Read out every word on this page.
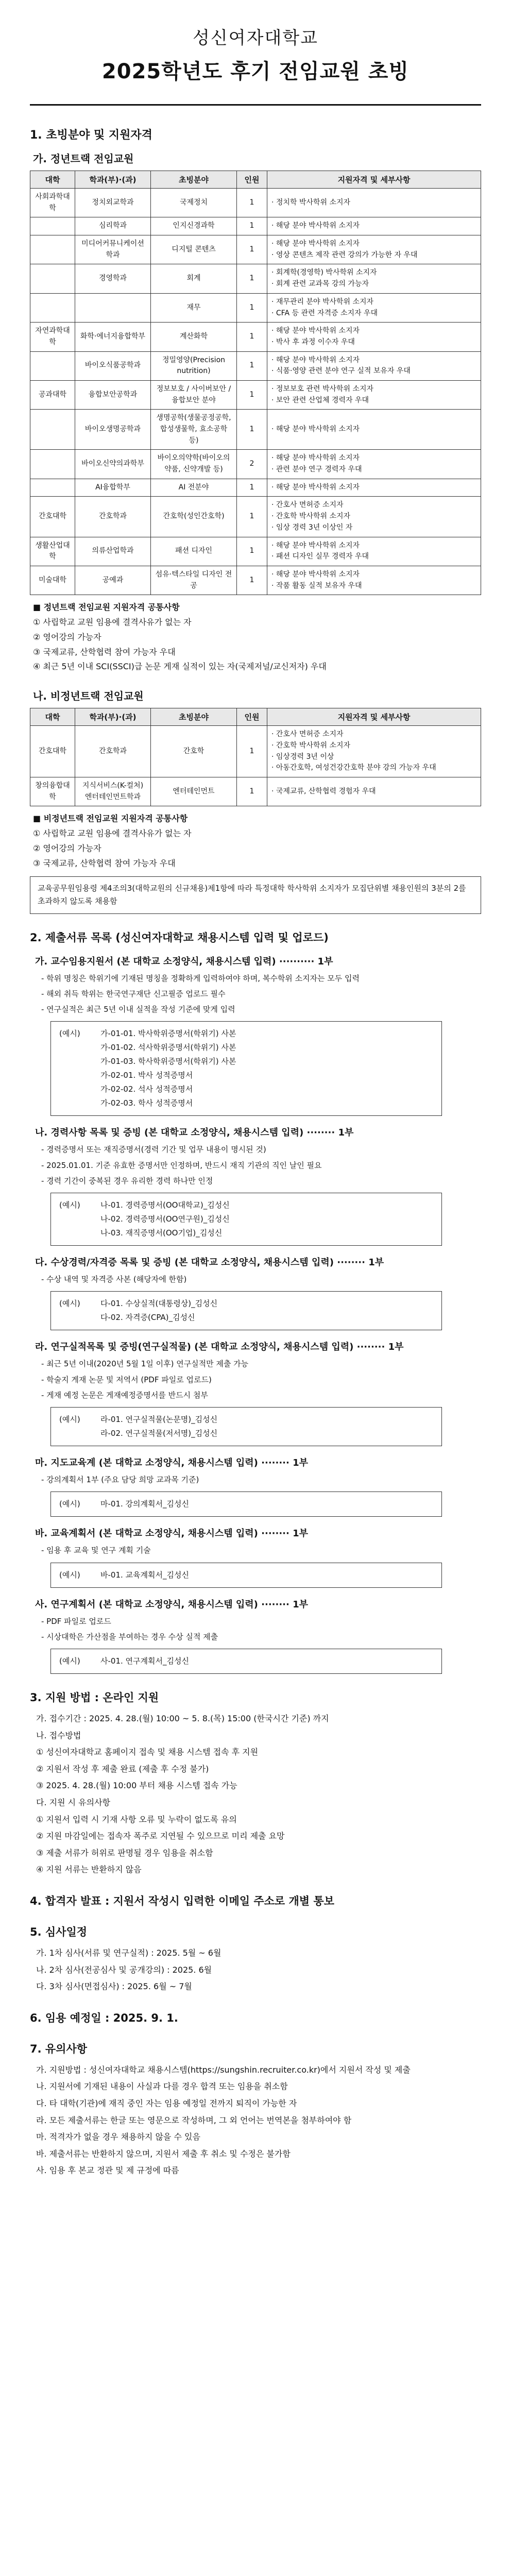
성신여자대학교
2025학년도 후기 전임교원 초빙
1. 초빙분야 및 지원자격
가. 정년트랙 전임교원
대학	학과(부)·(과)	초빙분야	인원	지원자격 및 세부사항
사회과학대학	정치외교학과	국제정치	1	· 정치학 박사학위 소지자
	심리학과	인지신경과학	1	· 해당 분야 박사학위 소지자
	미디어커뮤니케이션학과	디지털 콘텐츠	1	· 해당 분야 박사학위 소지자
· 영상 콘텐츠 제작 관련 강의가 가능한 자 우대
	경영학과	회계	1	· 회계학(경영학) 박사학위 소지자
· 회계 관련 교과목 강의 가능자
		재무	1	· 재무관리 분야 박사학위 소지자
· CFA 등 관련 자격증 소지자 우대
자연과학대학	화학·에너지융합학부	계산화학	1	· 해당 분야 박사학위 소지자
· 박사 후 과정 이수자 우대
	바이오식품공학과	정밀영양(Precision nutrition)	1	· 해당 분야 박사학위 소지자
· 식품·영양 관련 분야 연구 실적 보유자 우대
공과대학	융합보안공학과	정보보호 / 사이버보안 / 융합보안 분야	1	· 정보보호 관련 박사학위 소지자
· 보안 관련 산업체 경력자 우대
	바이오생명공학과	생명공학(생물공정공학, 합성생물학, 효소공학 등)	1	· 해당 분야 박사학위 소지자
	바이오신약의과학부	바이오의약학(바이오의약품, 신약개발 등)	2	· 해당 분야 박사학위 소지자
· 관련 분야 연구 경력자 우대
	AI융합학부	AI 전분야	1	· 해당 분야 박사학위 소지자
간호대학	간호학과	간호학(성인간호학)	1	· 간호사 면허증 소지자
· 간호학 박사학위 소지자
· 임상 경력 3년 이상인 자
생활산업대학	의류산업학과	패션 디자인	1	· 해당 분야 박사학위 소지자
· 패션 디자인 실무 경력자 우대
미술대학	공예과	섬유·텍스타일 디자인 전공	1	· 해당 분야 박사학위 소지자
· 작품 활동 실적 보유자 우대
■ 정년트랙 전임교원 지원자격 공통사항
① 사립학교 교원 임용에 결격사유가 없는 자
② 영어강의 가능자
③ 국제교류, 산학협력 참여 가능자 우대
④ 최근 5년 이내 SCI(SSCI)급 논문 게재 실적이 있는 자(국제저널/교신저자) 우대
나. 비정년트랙 전임교원
대학	학과(부)·(과)	초빙분야	인원	지원자격 및 세부사항
간호대학	간호학과	간호학	1	· 간호사 면허증 소지자
· 간호학 박사학위 소지자
· 임상경력 3년 이상
· 아동간호학, 여성건강간호학 분야 강의 가능자 우대
창의융합대학	지식서비스(K-컬처)엔터테인먼트학과	엔터테인먼트	1	· 국제교류, 산학협력 경험자 우대
■ 비정년트랙 전임교원 지원자격 공통사항
① 사립학교 교원 임용에 결격사유가 없는 자
② 영어강의 가능자
③ 국제교류, 산학협력 참여 가능자 우대
교육공무원임용령 제4조의3(대학교원의 신규채용)제1항에 따라 특정대학 학사학위 소지자가 모집단위별 채용인원의 3분의 2를 초과하지 않도록 채용함
2. 제출서류 목록 (성신여자대학교 채용시스템 입력 및 업로드)
가. 교수임용지원서 (본 대학교 소정양식, 채용시스템 입력) ·········· 1부
- 학위 명칭은 학위기에 기재된 명칭을 정확하게 입력하여야 하며, 복수학위 소지자는 모두 입력
- 해외 취득 학위는 한국연구재단 신고필증 업로드 필수
- 연구실적은 최근 5년 이내 실적을 작성 기준에 맞게 입력
(예시)	가-01-01. 박사학위증명서(학위기) 사본
가-01-02. 석사학위증명서(학위기) 사본
가-01-03. 학사학위증명서(학위기) 사본
가-02-01. 박사 성적증명서
가-02-02. 석사 성적증명서
가-02-03. 학사 성적증명서
나. 경력사항 목록 및 증빙 (본 대학교 소정양식, 채용시스템 입력) ········ 1부
- 경력증명서 또는 재직증명서(경력 기간 및 업무 내용이 명시된 것)
- 2025.01.01. 기준 유효한 증명서만 인정하며, 반드시 재직 기관의 직인 날인 필요
- 경력 기간이 중복된 경우 유리한 경력 하나만 인정
(예시)	나-01. 경력증명서(OO대학교)_김성신
나-02. 경력증명서(OO연구원)_김성신
나-03. 재직증명서(OO기업)_김성신
다. 수상경력/자격증 목록 및 증빙 (본 대학교 소정양식, 채용시스템 입력) ········ 1부
- 수상 내역 및 자격증 사본 (해당자에 한함)
(예시)	다-01. 수상실적(대통령상)_김성신
다-02. 자격증(CPA)_김성신
라. 연구실적목록 및 증빙(연구실적물) (본 대학교 소정양식, 채용시스템 입력) ········ 1부
- 최근 5년 이내(2020년 5월 1일 이후) 연구실적만 제출 가능
- 학술지 게재 논문 및 저역서 (PDF 파일로 업로드)
- 게재 예정 논문은 게재예정증명서를 반드시 첨부
(예시)	라-01. 연구실적물(논문명)_김성신
라-02. 연구실적물(저서명)_김성신
마. 지도교육계 (본 대학교 소정양식, 채용시스템 입력) ········ 1부
- 강의계획서 1부 (주요 담당 희망 교과목 기준)
(예시)	마-01. 강의계획서_김성신
바. 교육계획서 (본 대학교 소정양식, 채용시스템 입력) ········ 1부
- 임용 후 교육 및 연구 계획 기술
(예시)	바-01. 교육계획서_김성신
사. 연구계획서 (본 대학교 소정양식, 채용시스템 입력) ········ 1부
- PDF 파일로 업로드
- 시상대학은 가산점을 부여하는 경우 수상 실적 제출
(예시)	사-01. 연구계획서_김성신
3. 지원 방법 : 온라인 지원
가. 접수기간 : 2025. 4. 28.(월) 10:00 ~ 5. 8.(목) 15:00 (한국시간 기준) 까지
나. 접수방법
① 성신여자대학교 홈페이지 접속 및 채용 시스템 접속 후 지원
② 지원서 작성 후 제출 완료 (제출 후 수정 불가)
③ 2025. 4. 28.(월) 10:00 부터 채용 시스템 접속 가능
다. 지원 시 유의사항
① 지원서 입력 시 기재 사항 오류 및 누락이 없도록 유의
② 지원 마감일에는 접속자 폭주로 지연될 수 있으므로 미리 제출 요망
③ 제출 서류가 허위로 판명될 경우 임용을 취소함
④ 지원 서류는 반환하지 않음
4. 합격자 발표 : 지원서 작성시 입력한 이메일 주소로 개별 통보
5. 심사일정
가. 1차 심사(서류 및 연구실적) : 2025. 5월 ~ 6월
나. 2차 심사(전공심사 및 공개강의) : 2025. 6월
다. 3차 심사(면접심사) : 2025. 6월 ~ 7월
6. 임용 예정일 : 2025. 9. 1.
7. 유의사항
가. 지원방법 : 성신여자대학교 채용시스템(https://sungshin.recruiter.co.kr)에서 지원서 작성 및 제출
나. 지원서에 기재된 내용이 사실과 다를 경우 합격 또는 임용을 취소함
다. 타 대학(기관)에 재직 중인 자는 임용 예정일 전까지 퇴직이 가능한 자
라. 모든 제출서류는 한글 또는 영문으로 작성하며, 그 외 언어는 번역본을 첨부하여야 함
마. 적격자가 없을 경우 채용하지 않을 수 있음
바. 제출서류는 반환하지 않으며, 지원서 제출 후 취소 및 수정은 불가함
사. 임용 후 본교 정관 및 제 규정에 따름
